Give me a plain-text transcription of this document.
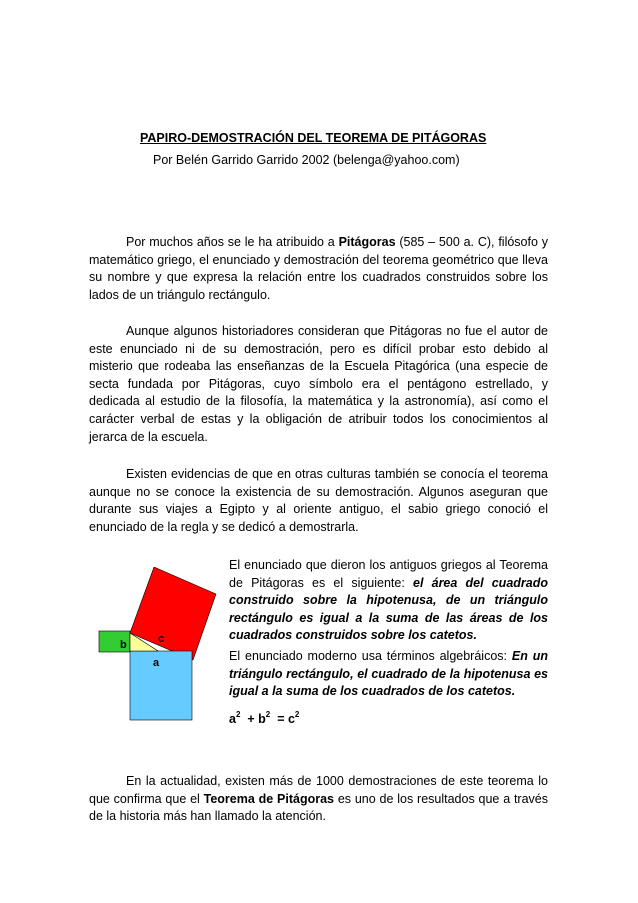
PAPIRO-DEMOSTRACIÓN DEL TEOREMA DE PITÁGORAS
Por Belén Garrido Garrido 2002 (belenga@yahoo.com)
Por muchos años se le ha atribuido a Pitágoras (585 – 500 a. C), filósofo y matemático griego, el enunciado y demostración del teorema geométrico que lleva su nombre y que expresa la relación entre los cuadrados construidos sobre los lados de un triángulo rectángulo.
Aunque algunos historiadores consideran que Pitágoras no fue el autor de este enunciado ni de su demostración, pero es difícil probar esto debido al misterio que rodeaba las enseñanzas de la Escuela Pitagórica (una especie de secta fundada por Pitágoras, cuyo símbolo era el pentágono estrellado, y dedicada al estudio de la filosofía, la matemática y la astronomía), así como el carácter verbal de estas y la obligación de atribuir todos los conocimientos al jerarca de la escuela.
Existen evidencias de que en otras culturas también se conocía el teorema aunque no se conoce la existencia de su demostración. Algunos aseguran que durante sus viajes a Egipto y al oriente antiguo, el sabio griego conoció el enunciado de la regla y se dedicó a demostrarla.
b	c
a
El enunciado que dieron los antiguos griegos al Teorema de Pitágoras es el siguiente: el área del cuadrado construido sobre la hipotenusa, de un triángulo rectángulo es igual a la suma de las áreas de los cuadrados construidos sobre los catetos.
El enunciado moderno usa términos algebráicos: En un triángulo rectángulo, el cuadrado de la hipotenusa es igual a la suma de los cuadrados de los catetos.
$a^2 + b^2 = c^2$
En la actualidad, existen más de 1000 demostraciones de este teorema lo que confirma que el Teorema de Pitágoras es uno de los resultados que a través de la historia más han llamado la atención.
